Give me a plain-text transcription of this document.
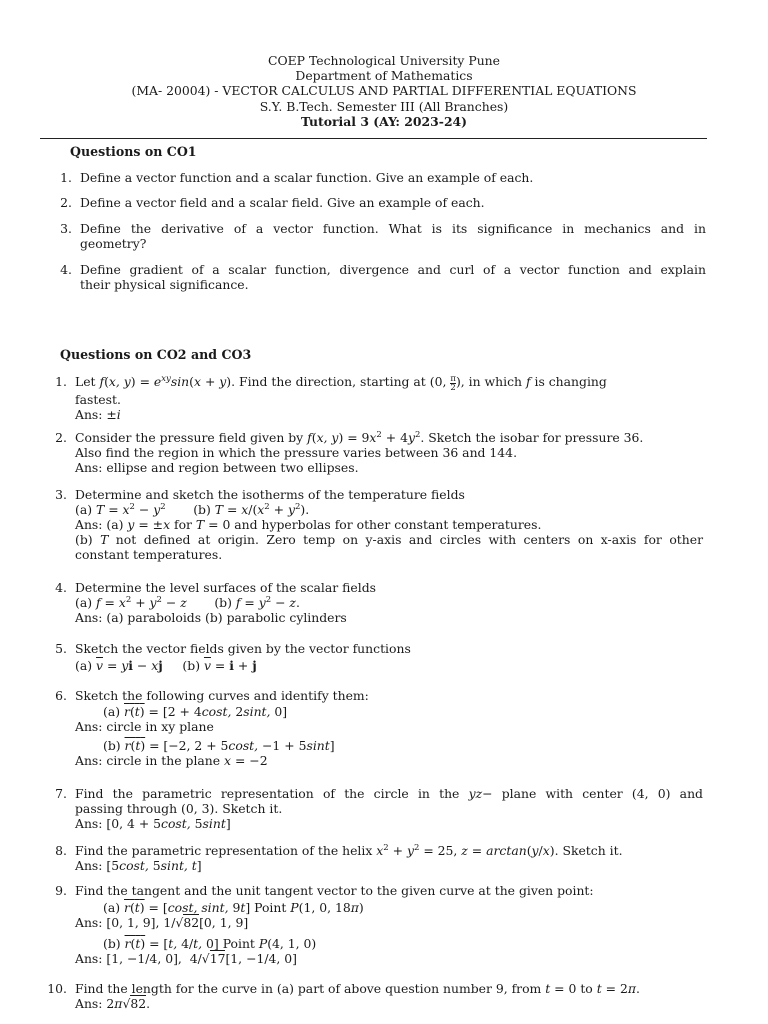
COEP Technological University Pune
Department of Mathematics
(MA- 20004) - VECTOR CALCULUS AND PARTIAL DIFFERENTIAL EQUATIONS
S.Y. B.Tech. Semester III (All Branches)
Tutorial 3 (AY: 2023-24)
Questions on CO1
1. Define a vector function and a scalar function. Give an example of each.
2. Define a vector field and a scalar field. Give an example of each.
3. Define the derivative of a vector function. What is its significance in mechanics and in
geometry?
4. Define gradient of a scalar function, divergence and curl of a vector function and explain
their physical significance.
Questions on CO2 and CO3
1. Let f(x, $y) = e^{xy}\sin(x + y)$. Find the direction, starting at (0, $\frac{\pi}{2}$ ), in which f is changing
fastest.
Ans: ±i
2. Consider the pressure field given by f(x, $y) = 9x^2 + 4y^2$. Sketch the isobar for pressure 36.
Also find the region in which the pressure varies between 36 and 144.
Ans: ellipse and region between two ellipses.
3. Determine and sketch the isotherms of the temperature fields
(a) $T = x^2 - y^2$       (b) $T = x/(x^2 + y^2)$.
Ans: (a) y = ±x for T = 0 and hyperbolas for other constant temperatures.
(b) T not defined at origin. Zero temp on y-axis and circles with centers on x-axis for other
constant temperatures.
4. Determine the level surfaces of the scalar fields
(a) $f = x^2 + y^2 - z$       (b) $f = y^2 - z$.
Ans: (a) paraboloids (b) parabolic cylinders
5. Sketch the vector fields given by the vector functions
(a) $\overline{v}$ = yi − xj     (b) $\overline{v} = i + j$
6. Sketch the following curves and identify them:
(a) r(t) = [2 + 4cost, 2sint, 0]
Ans: circle in xy plane
(b) r(t) = [−2, 2 + 5cost, −1 + 5sint]
Ans: circle in the plane x = −2
7. Find the parametric representation of the circle in the yz− plane with center (4, 0) and
passing through (0, 3). Sketch it.
Ans: [0, 4 + 5cost, 5sint]
8. Find the parametric representation of the helix $x^2 + y^2 = 25$, z = arctan(y/x). Sketch it.
Ans: [5cost, 5sint, t]
9. Find the tangent and the unit tangent vector to the given curve at the given point:
(a) r(t) = [cost, sint, 9t] Point P(1, 0, 18π)
Ans: [0, 1, 9], 1/√82[0, 1, 9]
(b) r(t) = [t, 4/t, 0] Point P(4, 1, 0)
Ans: [1, −1/4, 0],  4/√17[1, −1/4, 0]
10. Find the length for the curve in (a) part of above question number 9, from t = 0 to t = 2π.
Ans: 2π√82.
